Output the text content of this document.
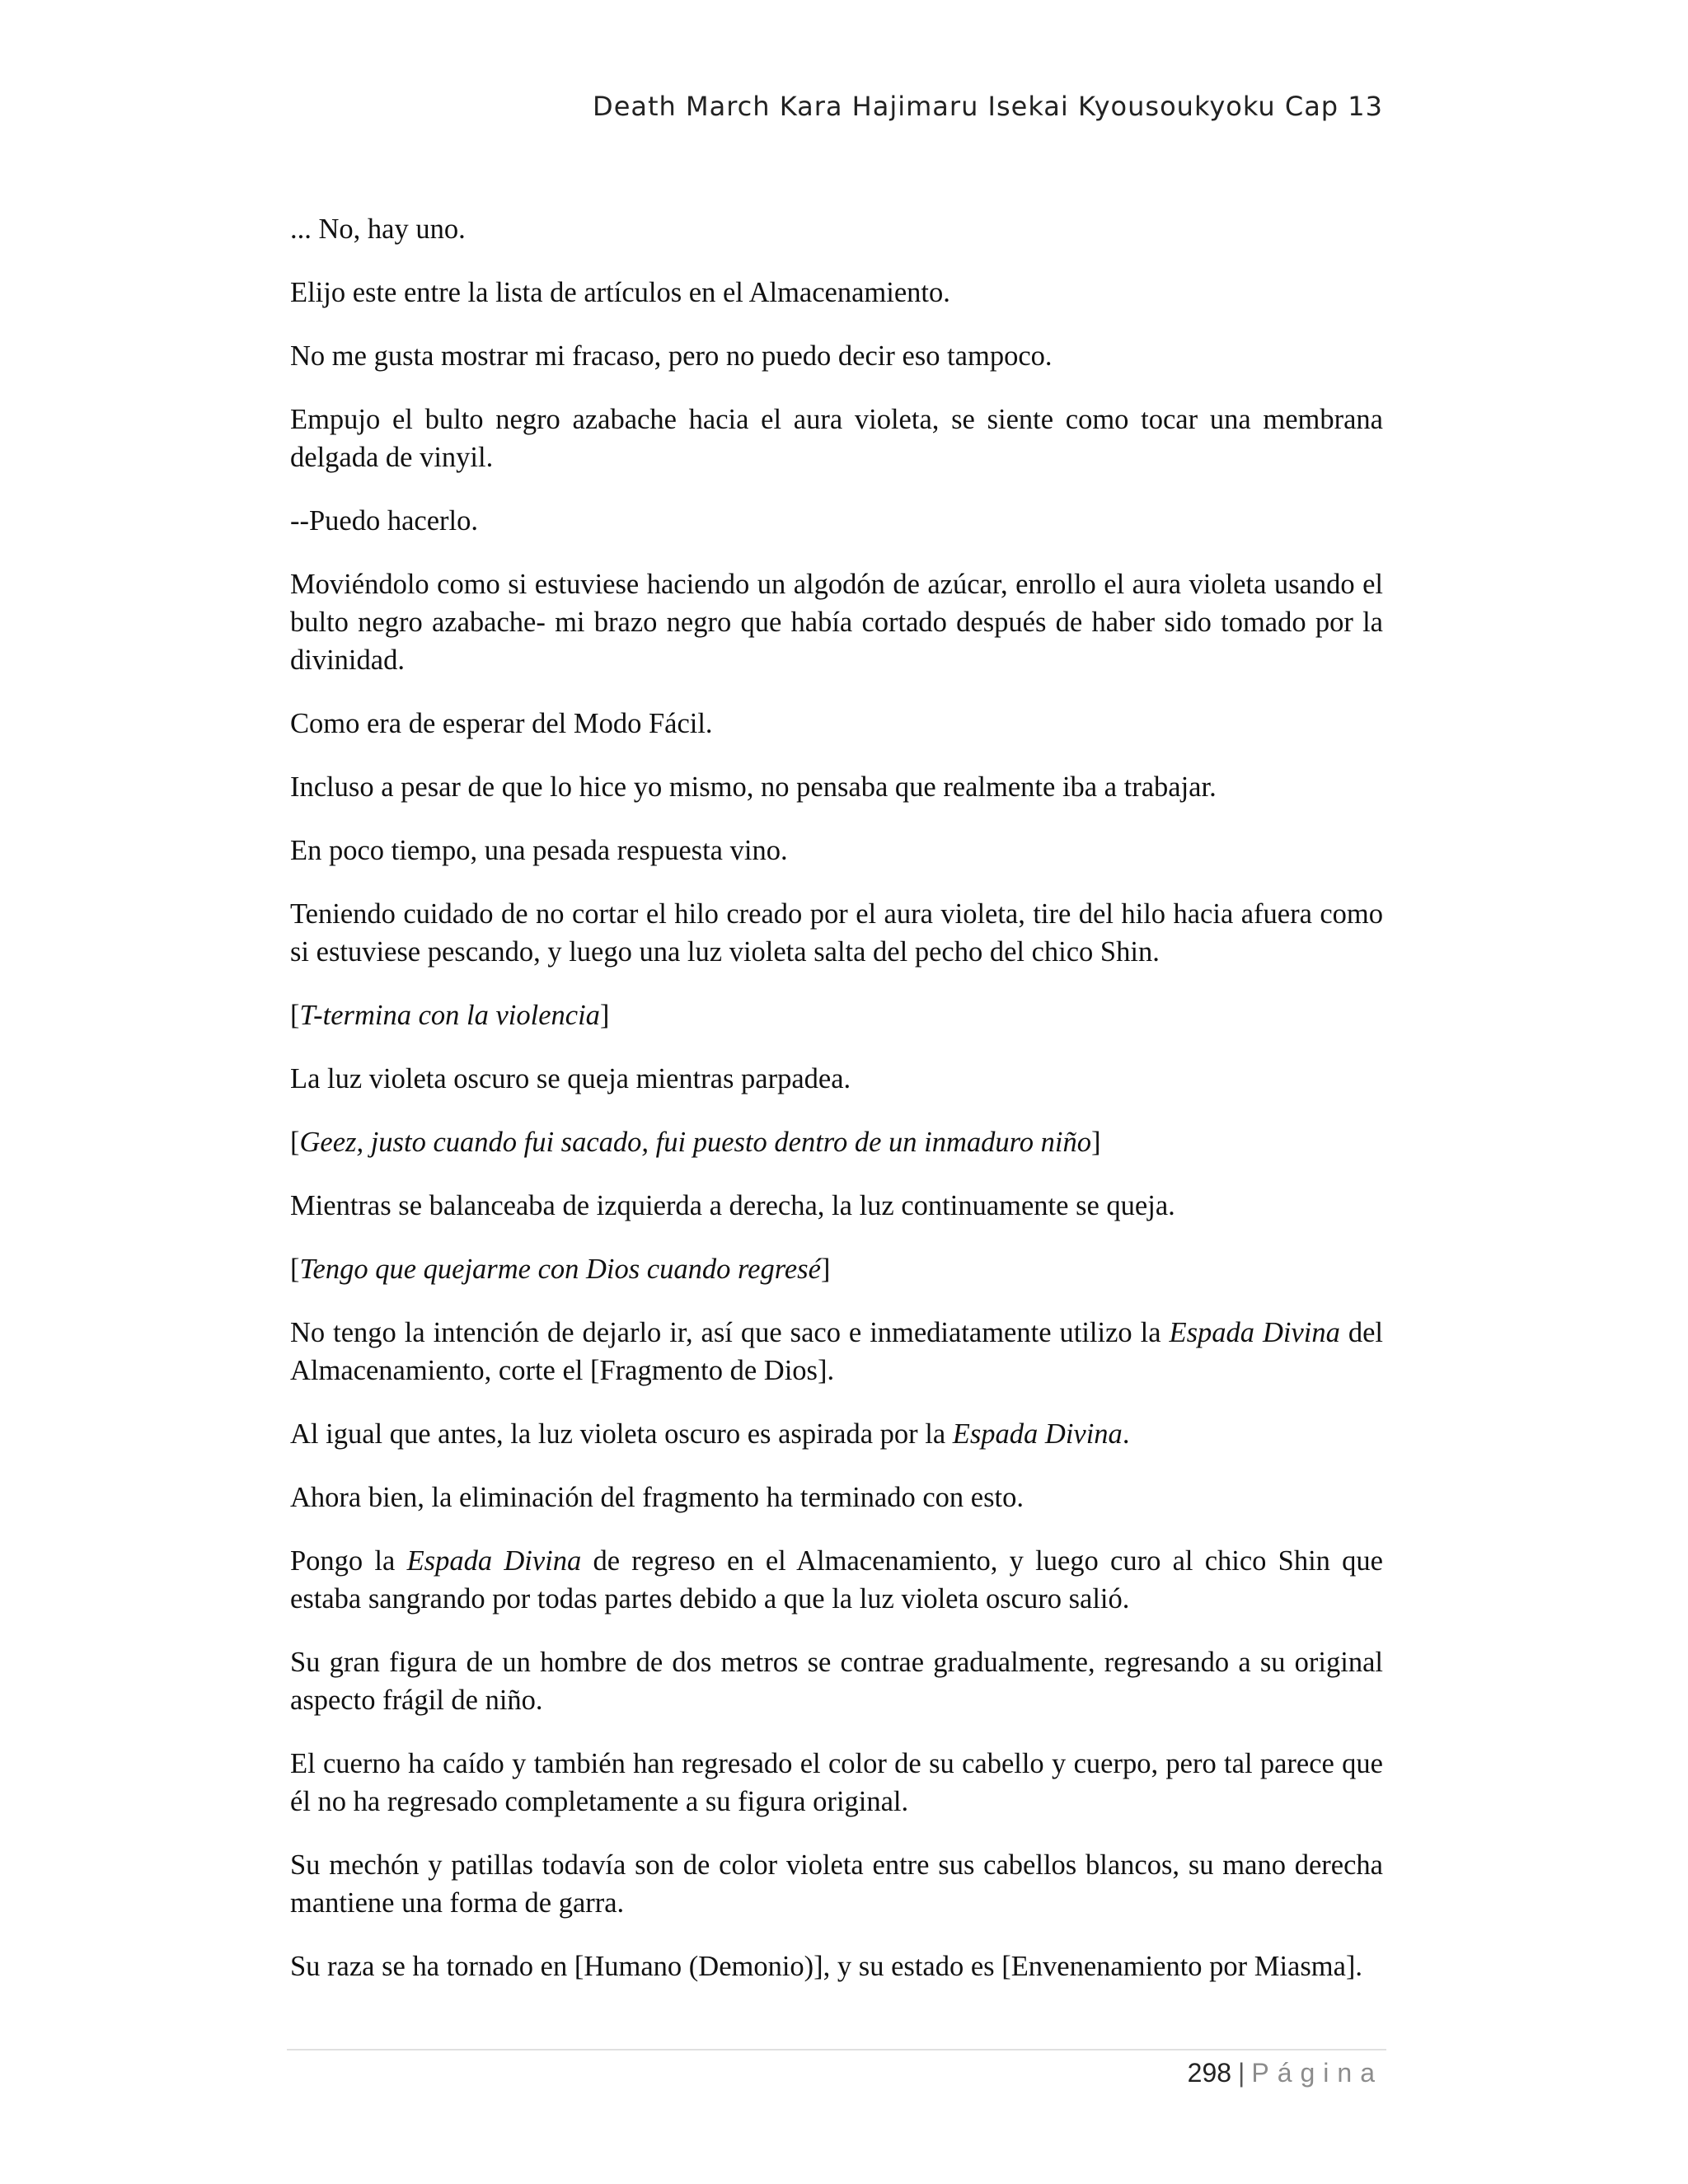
Death March Kara Hajimaru Isekai Kyousoukyoku Cap 13

... No, hay uno.

Elijo este entre la lista de artículos en el Almacenamiento.

No me gusta mostrar mi fracaso, pero no puedo decir eso tampoco.

Empujo el bulto negro azabache hacia el aura violeta, se siente como tocar una membrana delgada de vinyil.

--Puedo hacerlo.

Moviéndolo como si estuviese haciendo un algodón de azúcar, enrollo el aura violeta usando el bulto negro azabache- mi brazo negro que había cortado después de haber sido tomado por la divinidad.

Como era de esperar del Modo Fácil.

Incluso a pesar de que lo hice yo mismo, no pensaba que realmente iba a trabajar.

En poco tiempo, una pesada respuesta vino.

Teniendo cuidado de no cortar el hilo creado por el aura violeta, tire del hilo hacia afuera como si estuviese pescando, y luego una luz violeta salta del pecho del chico Shin.

[T-termina con la violencia]

La luz violeta oscuro se queja mientras parpadea.

[Geez, justo cuando fui sacado, fui puesto dentro de un inmaduro niño]

Mientras se balanceaba de izquierda a derecha, la luz continuamente se queja.

[Tengo que quejarme con Dios cuando regresé]

No tengo la intención de dejarlo ir, así que saco e inmediatamente utilizo la Espada Divina del Almacenamiento, corte el [Fragmento de Dios].

Al igual que antes, la luz violeta oscuro es aspirada por la Espada Divina.

Ahora bien, la eliminación del fragmento ha terminado con esto.

Pongo la Espada Divina de regreso en el Almacenamiento, y luego curo al chico Shin que estaba sangrando por todas partes debido a que la luz violeta oscuro salió.

Su gran figura de un hombre de dos metros se contrae gradualmente, regresando a su original aspecto frágil de niño.

El cuerno ha caído y también han regresado el color de su cabello y cuerpo, pero tal parece que él no ha regresado completamente a su figura original.

Su mechón y patillas todavía son de color violeta entre sus cabellos blancos, su mano derecha mantiene una forma de garra.

Su raza se ha tornado en [Humano (Demonio)], y su estado es [Envenenamiento por Miasma].

298 | Página
